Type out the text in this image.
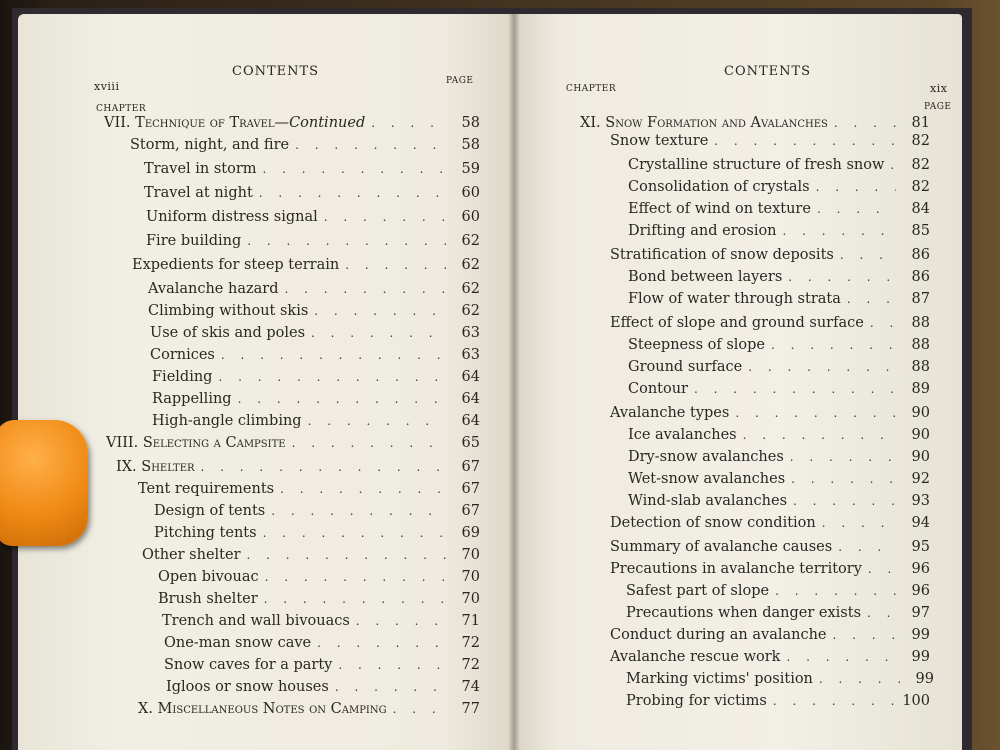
xviii
CONTENTS
PAGE
CHAPTER
VII. Technique of Travel—Continued . . .	58
Storm, night, and fire . . .	58
Travel in storm . . .	59
Travel at night . . .	60
Uniform distress signal . . .	60
Fire building . . .	62
Expedients for steep terrain . . .	62
Avalanche hazard . . .	62
Climbing without skis . . .	62
Use of skis and poles . . .	63
Cornices . . .	63
Fielding . . .	64
Rappelling . . .	64
High-angle climbing . . .	64
VIII. Selecting a Campsite . . .	65
IX. Shelter . . .	67
Tent requirements . . .	67
Design of tents . . .	67
Pitching tents . . .	69
Other shelter . . .	70
Open bivouac . . .	70
Brush shelter . . .	70
Trench and wall bivouacs . . .	71
One-man snow cave . . .	72
Snow caves for a party . . .	72
Igloos or snow houses . . .	74
X. Miscellaneous Notes on Camping . . .	77
CHAPTER
CONTENTS
xix
PAGE
XI. Snow Formation and Avalanches . . .	81
Snow texture . . .	82
Crystalline structure of fresh snow . . .	82
Consolidation of crystals . . .	82
Effect of wind on texture . . .	84
Drifting and erosion . . .	85
Stratification of snow deposits . . .	86
Bond between layers . . .	86
Flow of water through strata . . .	87
Effect of slope and ground surface . . .	88
Steepness of slope . . .	88
Ground surface . . .	88
Contour . . .	89
Avalanche types . . .	90
Ice avalanches . . .	90
Dry-snow avalanches . . .	90
Wet-snow avalanches . . .	92
Wind-slab avalanches . . .	93
Detection of snow condition . . .	94
Summary of avalanche causes . . .	95
Precautions in avalanche territory . . .	96
Safest part of slope . . .	96
Precautions when danger exists . . .	97
Conduct during an avalanche . . .	99
Avalanche rescue work . . .	99
Marking victims' position . . .	99
Probing for victims . . .	100
